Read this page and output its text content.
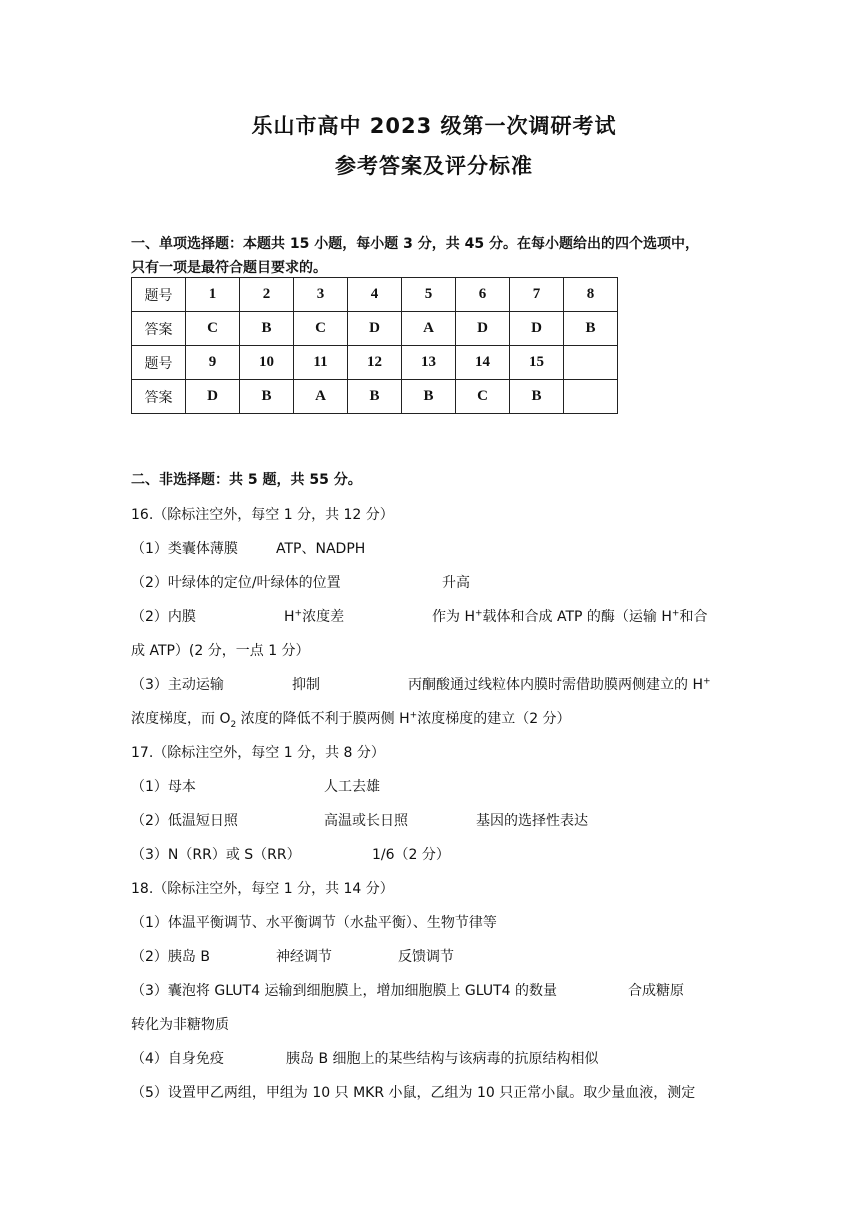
乐山市高中 2023 级第一次调研考试
参考答案及评分标准
一、单项选择题：本题共 15 小题，每小题 3 分，共 45 分。在每小题给出的四个选项中，
只有一项是最符合题目要求的。
题号	1	2	3	4	5	6	7	8
答案	C	B	C	D	A	D	D	B
题号	9	10	11	12	13	14	15	
答案	D	B	A	B	B	C	B	
二、非选择题：共 5 题，共 55 分。
16.（除标注空外，每空 1 分，共 12 分）
（1）类囊体薄膜	ATP、NADPH
（2）叶绿体的定位/叶绿体的位置	升高
（2）内膜	H+浓度差	作为 H+载体和合成 ATP 的酶（运输 H+和合
成 ATP）(2 分，一点 1 分）
（3）主动运输	抑制	丙酮酸通过线粒体内膜时需借助膜两侧建立的 H+
浓度梯度，而 $O_2$ 浓度的降低不利于膜两侧 H+浓度梯度的建立（2 分）
17.（除标注空外，每空 1 分，共 8 分）
（1）母本	人工去雄
（2）低温短日照	高温或长日照	基因的选择性表达
（3）N（RR）或 S（RR）	1/6（2 分）
18.（除标注空外，每空 1 分，共 14 分）
（1）体温平衡调节、水平衡调节（水盐平衡）、生物节律等
（2）胰岛 B	神经调节	反馈调节
（3）囊泡将 GLUT4 运输到细胞膜上，增加细胞膜上 GLUT4 的数量	合成糖原
转化为非糖物质
（4）自身免疫	胰岛 B 细胞上的某些结构与该病毒的抗原结构相似
（5）设置甲乙两组，甲组为 10 只 MKR 小鼠，乙组为 10 只正常小鼠。取少量血液，测定
